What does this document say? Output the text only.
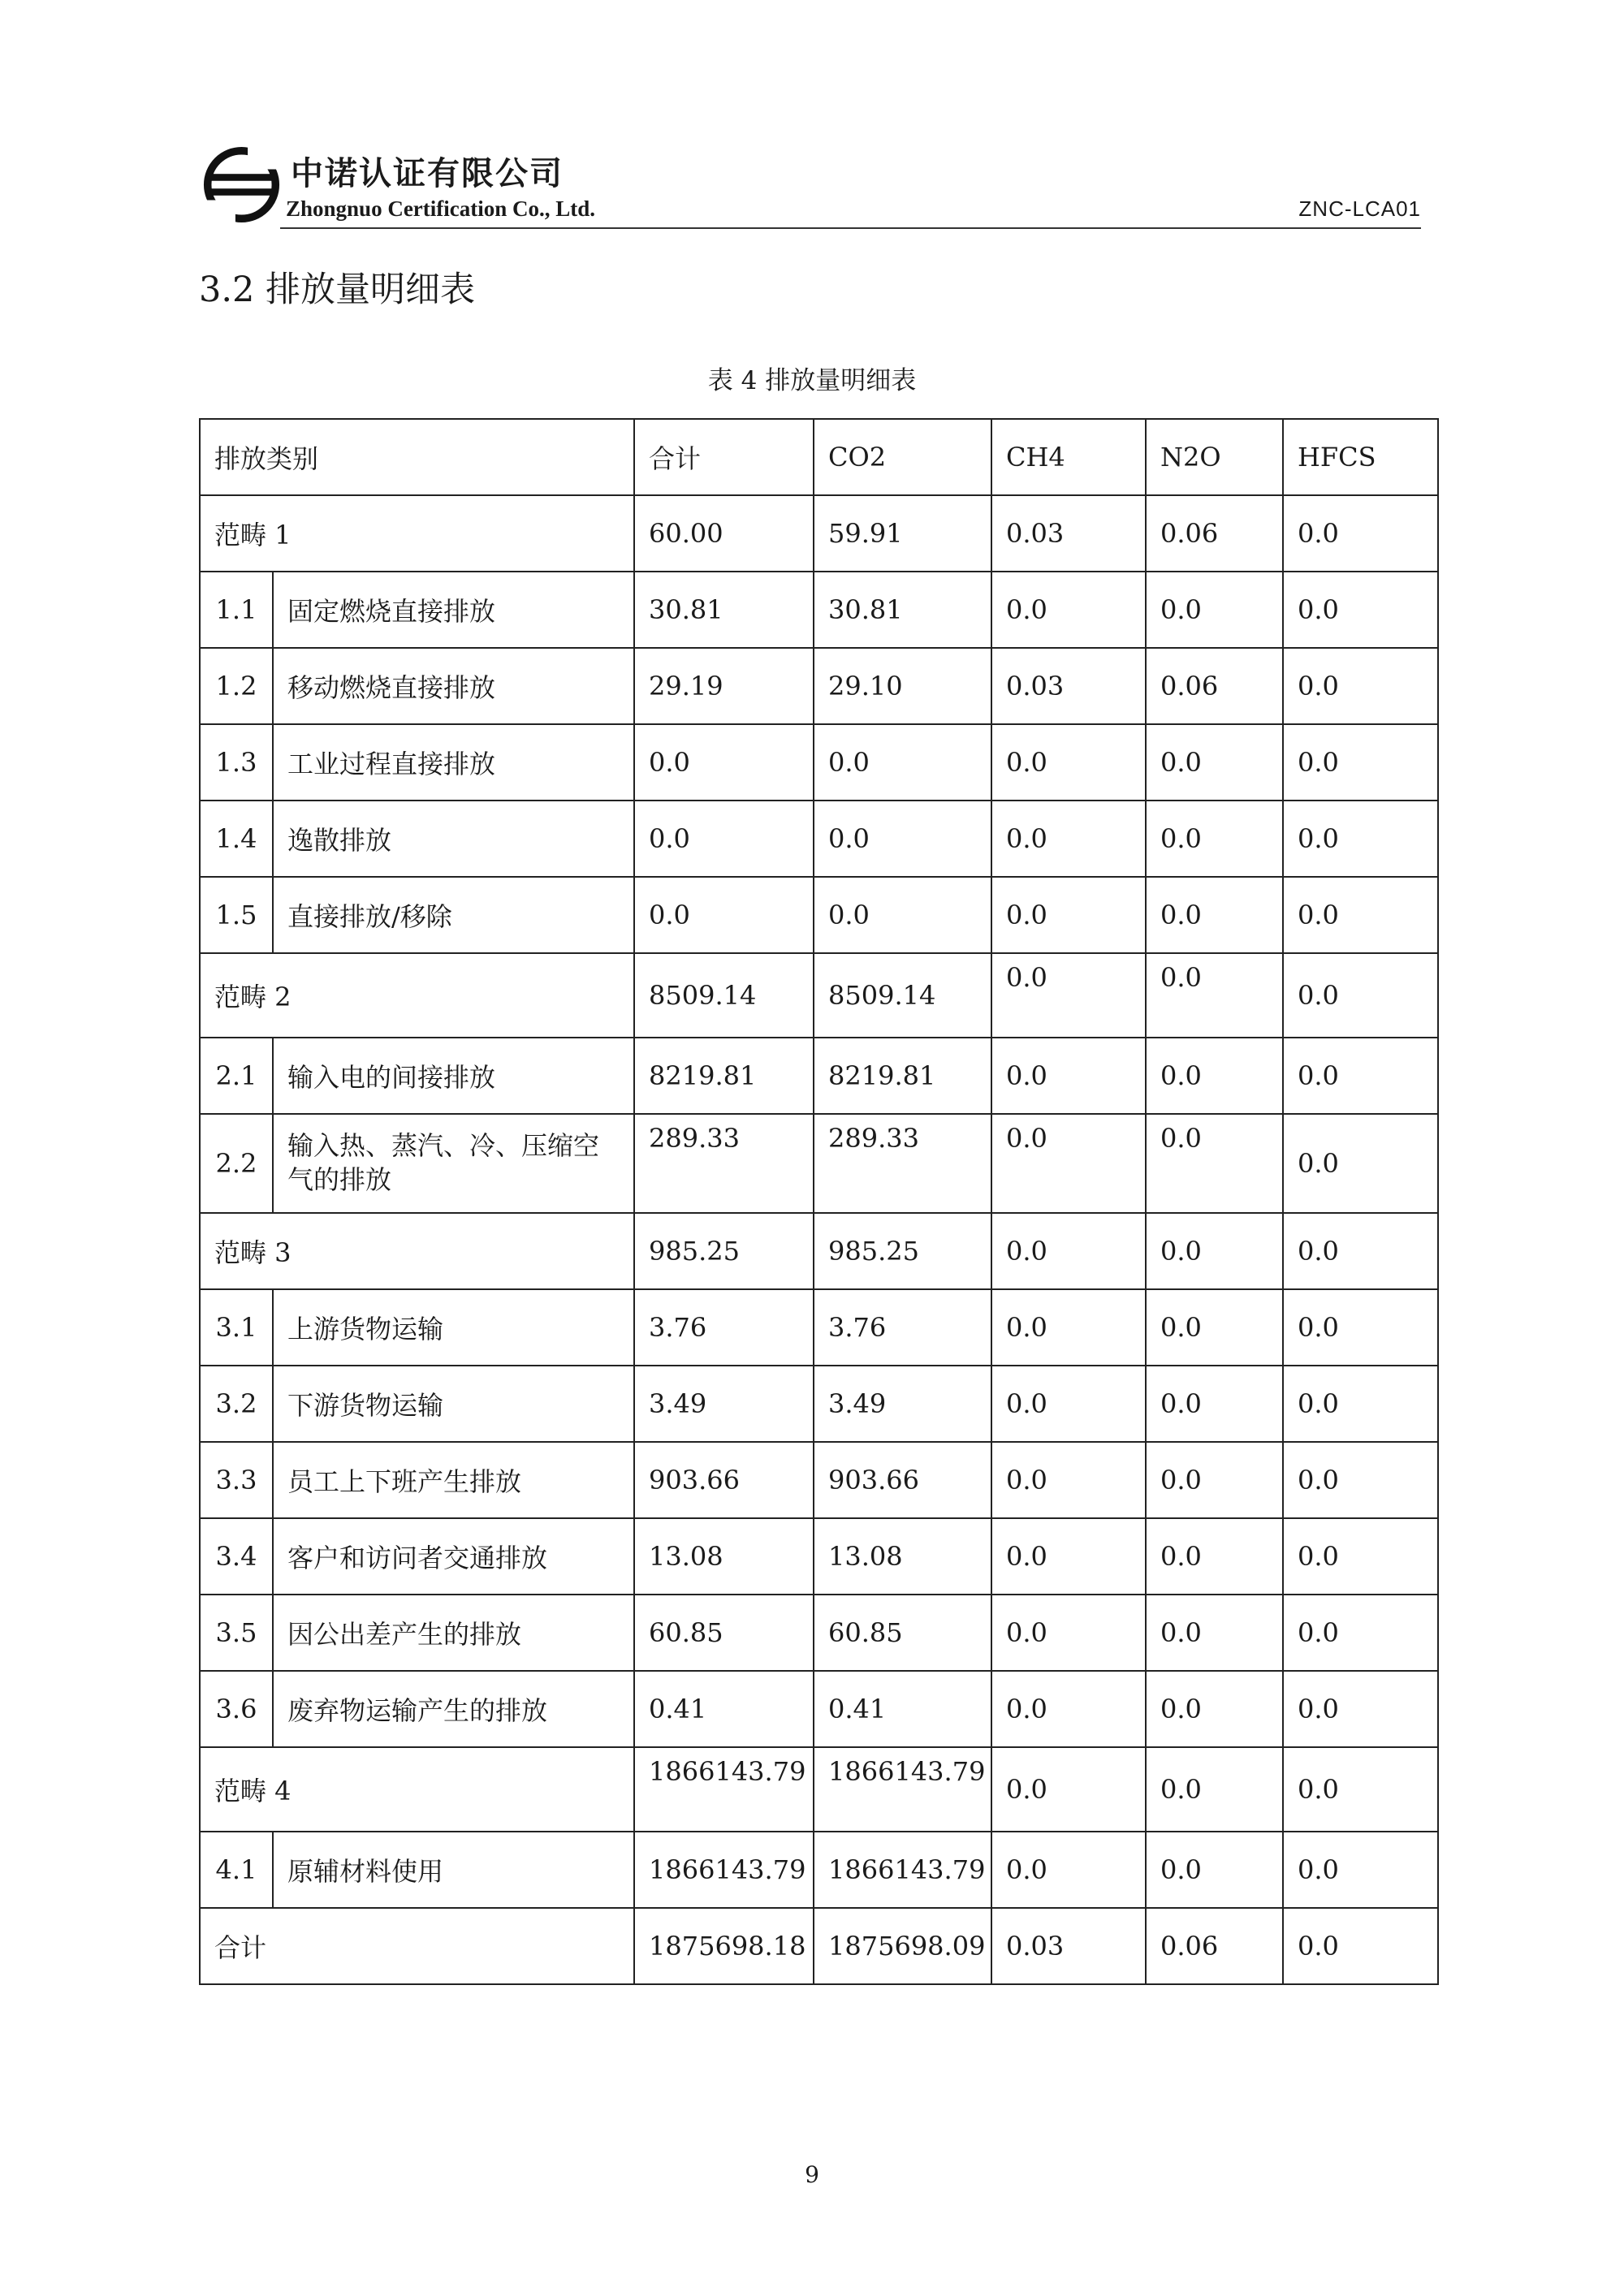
中诺认证有限公司
Zhongnuo Certification Co., Ltd.	ZNC-LCA01
3.2 排放量明细表
表 4 排放量明细表
排放类别		合计	CO2	CH4	N2O	HFCS
范畴 1		60.00	59.91	0.03	0.06	0.0
1.1	固定燃烧直接排放	30.81	30.81	0.0	0.0	0.0
1.2	移动燃烧直接排放	29.19	29.10	0.03	0.06	0.0
1.3	工业过程直接排放	0.0	0.0	0.0	0.0	0.0
1.4	逸散排放	0.0	0.0	0.0	0.0	0.0
1.5	直接排放/移除	0.0	0.0	0.0	0.0	0.0
范畴 2		8509.14	8509.14	0.0	0.0	0.0
2.1	输入电的间接排放	8219.81	8219.81	0.0	0.0	0.0
2.2	输入热、蒸汽、冷、压缩空气的排放	289.33	289.33	0.0	0.0	0.0
范畴 3		985.25	985.25	0.0	0.0	0.0
3.1	上游货物运输	3.76	3.76	0.0	0.0	0.0
3.2	下游货物运输	3.49	3.49	0.0	0.0	0.0
3.3	员工上下班产生排放	903.66	903.66	0.0	0.0	0.0
3.4	客户和访问者交通排放	13.08	13.08	0.0	0.0	0.0
3.5	因公出差产生的排放	60.85	60.85	0.0	0.0	0.0
3.6	废弃物运输产生的排放	0.41	0.41	0.0	0.0	0.0
范畴 4		1866143.79	1866143.79	0.0	0.0	0.0
4.1	原辅材料使用	1866143.79	1866143.79	0.0	0.0	0.0
合计		1875698.18	1875698.09	0.03	0.06	0.0
9
